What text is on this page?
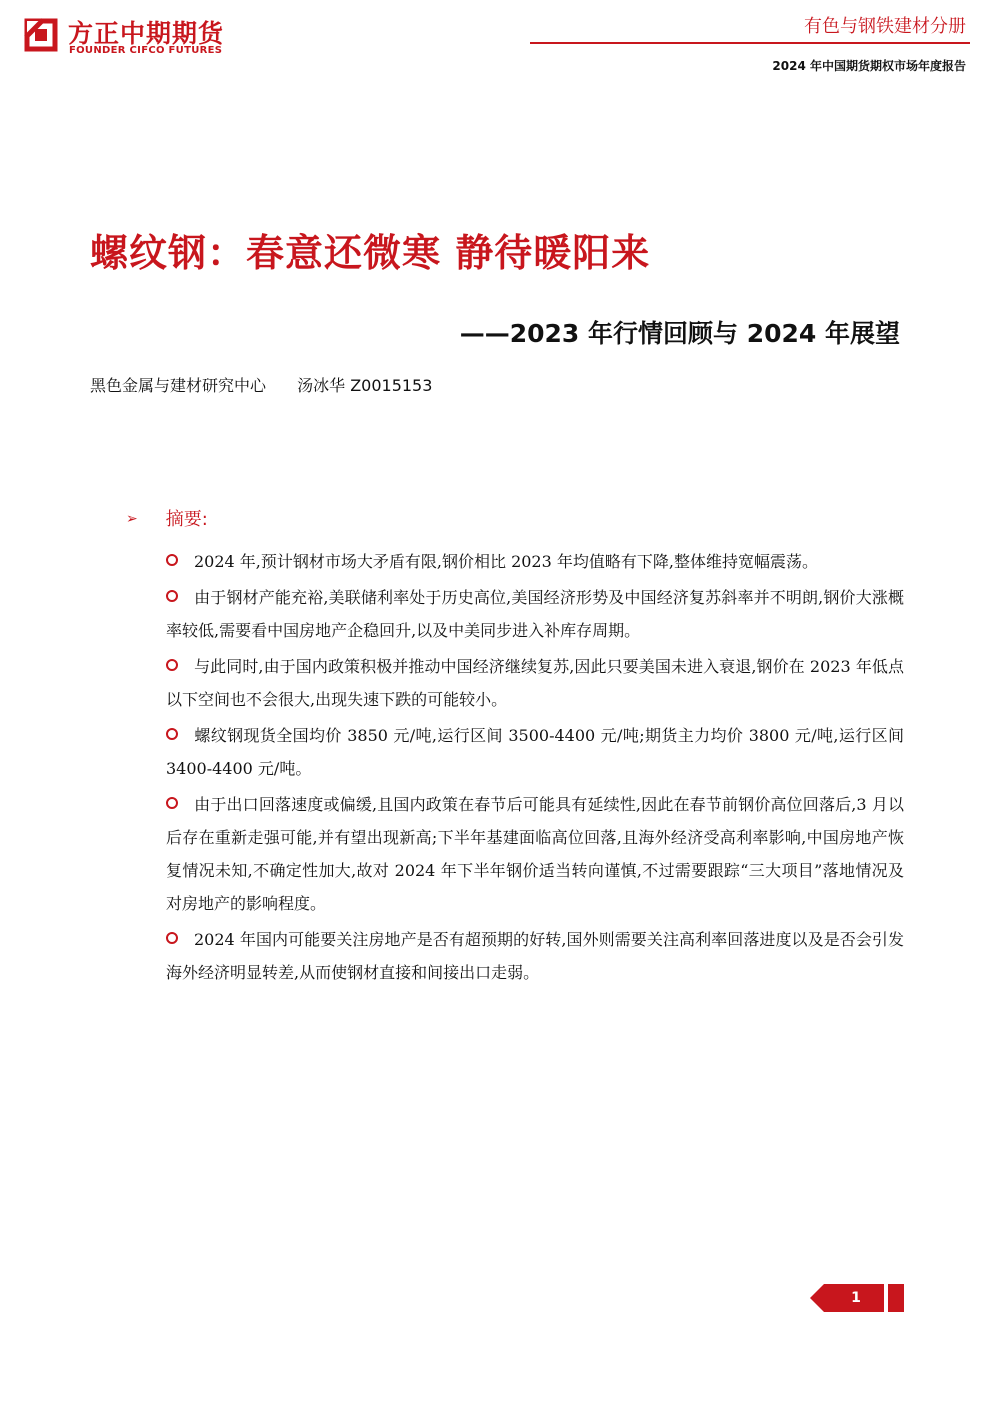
方正中期期货
FOUNDER CIFCO FUTURES
有色与钢铁建材分册
2024 年中国期货期权市场年度报告
螺纹钢：春意还微寒 静待暖阳来
——2023 年行情回顾与 2024 年展望
黑色金属与建材研究中心 汤冰华 Z0015153
➢ 摘要:
2024 年,预计钢材市场大矛盾有限,钢价相比 2023 年均值略有下降,整体维持宽幅震荡。
由于钢材产能充裕,美联储利率处于历史高位,美国经济形势及中国经济复苏斜率并不明朗,钢价大涨概率较低,需要看中国房地产企稳回升,以及中美同步进入补库存周期。
与此同时,由于国内政策积极并推动中国经济继续复苏,因此只要美国未进入衰退,钢价在 2023 年低点以下空间也不会很大,出现失速下跌的可能较小。
螺纹钢现货全国均价 3850 元/吨,运行区间 3500-4400 元/吨;期货主力均价 3800 元/吨,运行区间 3400-4400 元/吨。
由于出口回落速度或偏缓,且国内政策在春节后可能具有延续性,因此在春节前钢价高位回落后,3 月以后存在重新走强可能,并有望出现新高;下半年基建面临高位回落,且海外经济受高利率影响,中国房地产恢复情况未知,不确定性加大,故对 2024 年下半年钢价适当转向谨慎,不过需要跟踪“三大项目”落地情况及对房地产的影响程度。
2024 年国内可能要关注房地产是否有超预期的好转,国外则需要关注高利率回落进度以及是否会引发海外经济明显转差,从而使钢材直接和间接出口走弱。
1
